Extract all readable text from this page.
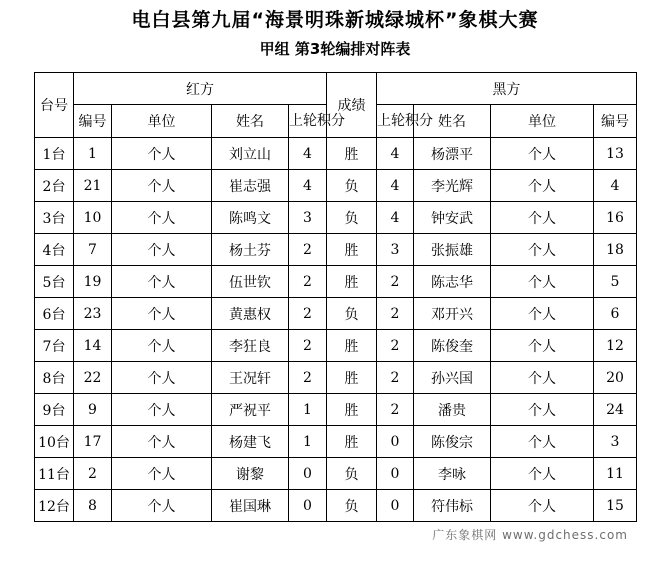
电白县第九届“海景明珠新城绿城杯”象棋大赛
甲组 第3轮编排对阵表
台号	红方				成绩	黑方			
	编号	单位	姓名	上轮积分		上轮积分	姓名	单位	编号
1台	1	个人	刘立山	4	胜	4	杨漂平	个人	13
2台	21	个人	崔志强	4	负	4	李光辉	个人	4
3台	10	个人	陈鸣文	3	负	4	钟安武	个人	16
4台	7	个人	杨土芬	2	胜	3	张振雄	个人	18
5台	19	个人	伍世钦	2	胜	2	陈志华	个人	5
6台	23	个人	黄惠权	2	负	2	邓开兴	个人	6
7台	14	个人	李狂良	2	胜	2	陈俊奎	个人	12
8台	22	个人	王况轩	2	胜	2	孙兴国	个人	20
9台	9	个人	严祝平	1	胜	2	潘贵	个人	24
10台	17	个人	杨建飞	1	胜	0	陈俊宗	个人	3
11台	2	个人	谢黎	0	负	0	李咏	个人	11
12台	8	个人	崔国琳	0	负	0	符伟标	个人	15
广东象棋网 www.gdchess.com
